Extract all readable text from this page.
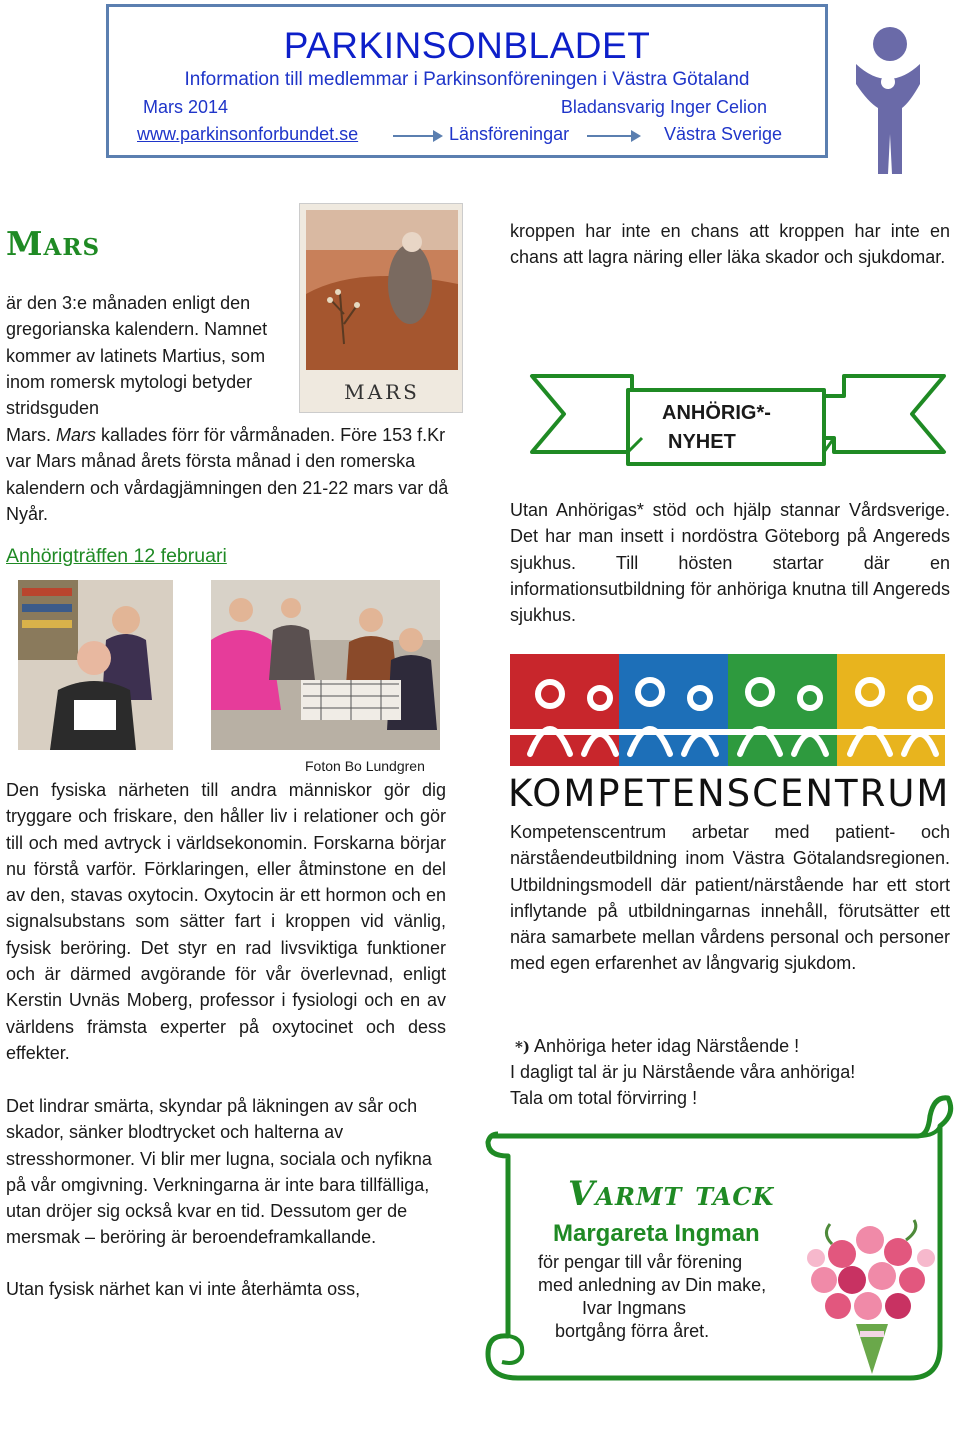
PARKINSONBLADET
Information till medlemmar i Parkinsonföreningen i Västra Götaland
Mars 2014	Bladansvarig Inger Celion
www.parkinsonforbundet.se	Länsföreningar	Västra Sverige
Mars
MARS
är den 3:e månaden enligt den gregorianska kalendern. Namnet kommer av latinets Martius, som inom romersk mytologi betyder stridsguden
Mars. Mars kallades förr för vårmånaden. Före 153 f.Kr var Mars månad årets första månad i den romerska kalendern och vårdagjämningen den 21-22 mars var då Nyår.
Anhörigträffen 12 februari
Foton Bo Lundgren
Den fysiska närheten till andra människor gör dig tryggare och friskare, den håller liv i relationer och gör till och med avtryck i världsekonomin. Forskarna börjar nu förstå varför. Förklaringen, eller åtminstone en del av den, stavas oxytocin. Oxytocin är ett hormon och en signalsubstans som sätter fart i kroppen vid vänlig, fysisk beröring. Det styr en rad livsviktiga funktioner och är därmed avgörande för vår överlevnad, enligt Kerstin Uvnäs Moberg, professor i fysiologi och en av världens främsta experter på oxytocinet och dess effekter.
Det lindrar smärta, skyndar på läkningen av sår och skador, sänker blodtrycket och halterna av stresshormoner. Vi blir mer lugna, sociala och nyfikna på vår omgivning. Verkningarna är inte bara tillfälliga, utan dröjer sig också kvar en tid. Dessutom ger de mersmak – beröring är beroendeframkallande.
Utan fysisk närhet kan vi inte återhämta oss,
kroppen har inte en chans att kroppen har inte en chans att lagra näring eller läka skador och sjukdomar.
ANHÖRIG*-
NYHET
Utan Anhörigas* stöd och hjälp stannar Vårdsverige. Det har man insett i nordöstra Göteborg på Angereds sjukhus. Till hösten startar där en informationsutbildning för anhöriga knutna till Angereds sjukhus.
KOMPETENSCENTRUM
Kompetenscentrum arbetar med patient- och närståendeutbildning inom Västra Götalandsregionen. Utbildningsmodell där patient/närstående har ett stort inflytande på utbildningarnas innehåll, förutsätter ett nära samarbete mellan vårdens personal och personer med egen erfarenhet av långvarig sjukdom.
*) Anhöriga heter idag Närstående !
I dagligt tal är ju Närstående våra anhöriga!
Tala om total förvirring !
Varmt tack
Margareta Ingman
för pengar till vår förening
med anledning av Din make,
Ivar Ingmans
bortgång förra året.
